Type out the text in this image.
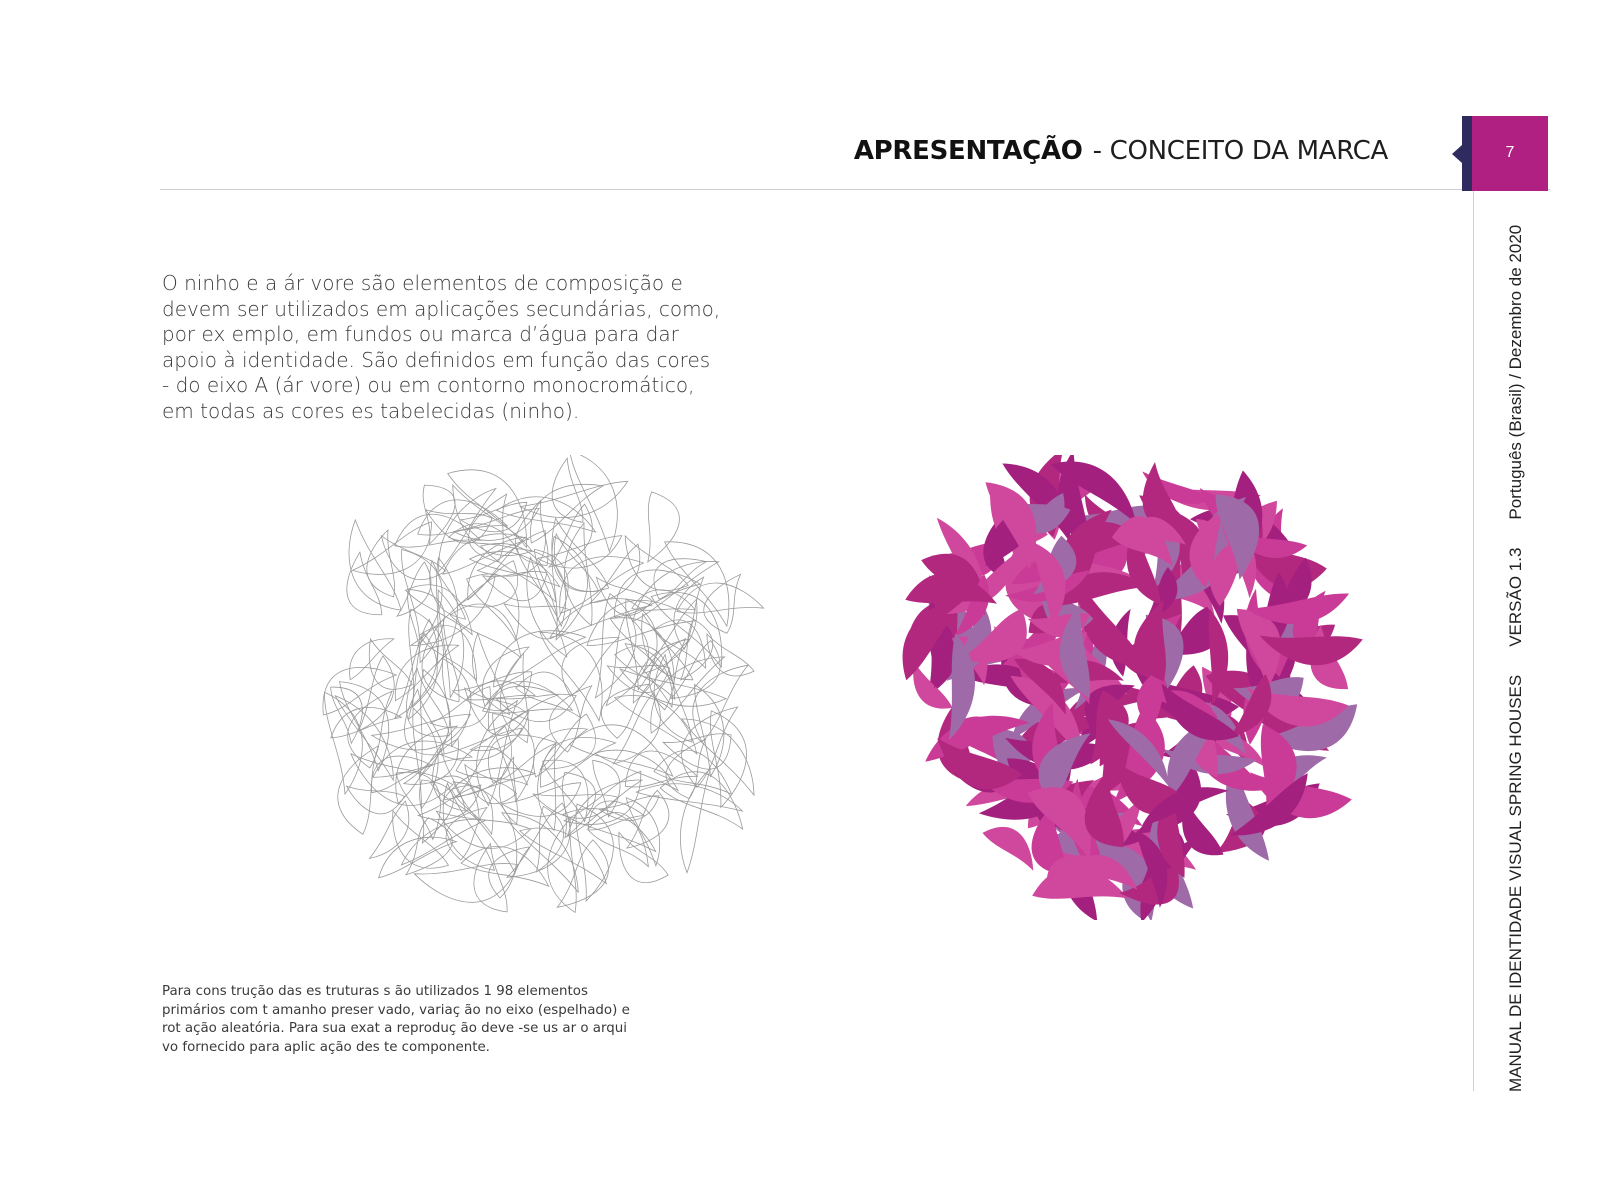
APRESENTAÇÃO - CONCEITO DA MARCA	7
MANUAL DE IDENTIDADE VISUAL SPRING HOUSESVERSÃO 1.3Português (Brasil) / Dezembro de 2020

O ninho e a ár vore são elementos de composição e devem ser utilizados em aplicações secundárias, como, por ex emplo, em fundos ou marca d’água para dar apoio à identidade. São definidos em função das cores - do eixo A (ár vore) ou em contorno monocromático, em todas as cores es tabelecidas (ninho).

Para cons trução das es truturas s ão utilizados 1 98 elementos primários com t amanho preser vado, variaç ão no eixo (espelhado) e rot ação aleatória. Para sua exat a reproduç ão deve -se us ar o arqui vo fornecido para aplic ação des te componente.
